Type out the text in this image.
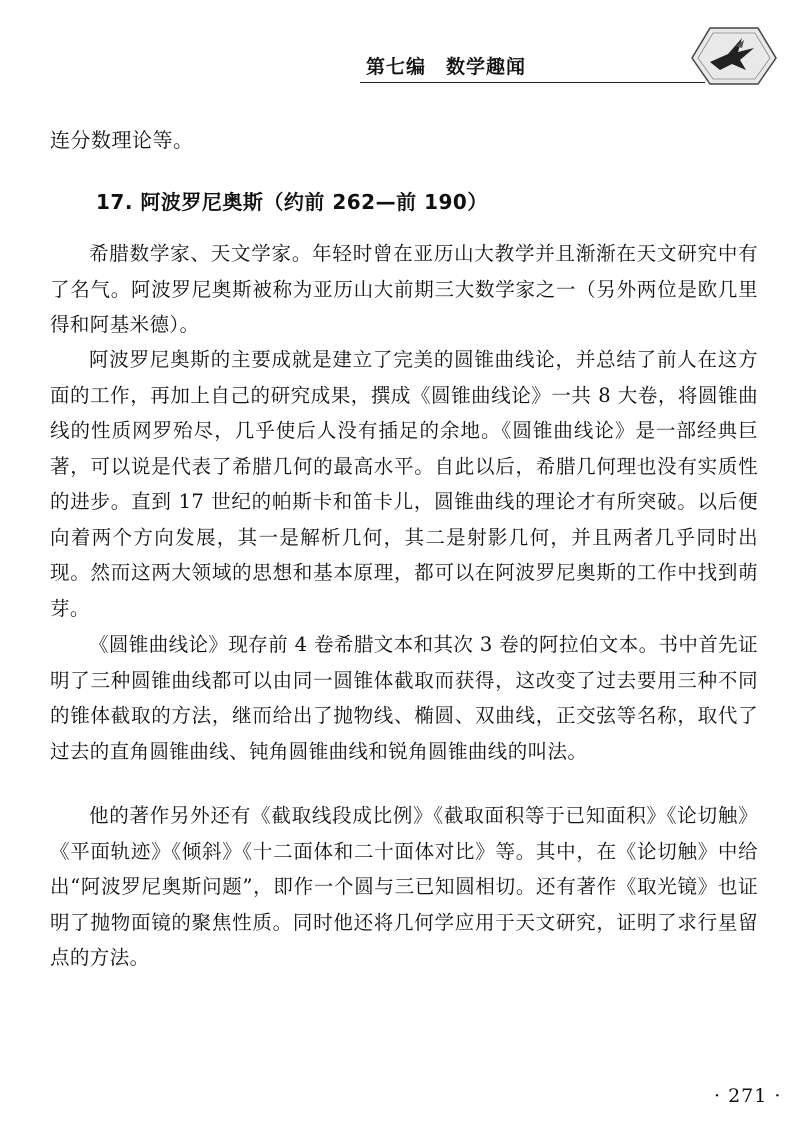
第七编　数学趣闻
连分数理论等。
17. 阿波罗尼奥斯（约前 262—前 190）

希腊数学家、天文学家。年轻时曾在亚历山大教学并且渐渐在天文研究中有了名气。阿波罗尼奥斯被称为亚历山大前期三大数学家之一（另外两位是欧几里得和阿基米德）。

阿波罗尼奥斯的主要成就是建立了完美的圆锥曲线论，并总结了前人在这方面的工作，再加上自己的研究成果，撰成《圆锥曲线论》一共 8 大卷，将圆锥曲线的性质网罗殆尽，几乎使后人没有插足的余地。《圆锥曲线论》是一部经典巨著，可以说是代表了希腊几何的最高水平。自此以后，希腊几何理也没有实质性的进步。直到 17 世纪的帕斯卡和笛卡儿，圆锥曲线的理论才有所突破。以后便向着两个方向发展，其一是解析几何，其二是射影几何，并且两者几乎同时出现。然而这两大领域的思想和基本原理，都可以在阿波罗尼奥斯的工作中找到萌芽。

《圆锥曲线论》现存前 4 卷希腊文本和其次 3 卷的阿拉伯文本。书中首先证明了三种圆锥曲线都可以由同一圆锥体截取而获得，这改变了过去要用三种不同的锥体截取的方法，继而给出了抛物线、椭圆、双曲线，正交弦等名称，取代了过去的直角圆锥曲线、钝角圆锥曲线和锐角圆锥曲线的叫法。

他的著作另外还有《截取线段成比例》《截取面积等于已知面积》《论切触》《平面轨迹》《倾斜》《十二面体和二十面体对比》等。其中，在《论切触》中给出“阿波罗尼奥斯问题”，即作一个圆与三已知圆相切。还有著作《取光镜》也证明了抛物面镜的聚焦性质。同时他还将几何学应用于天文研究，证明了求行星留点的方法。

· 271 ·
